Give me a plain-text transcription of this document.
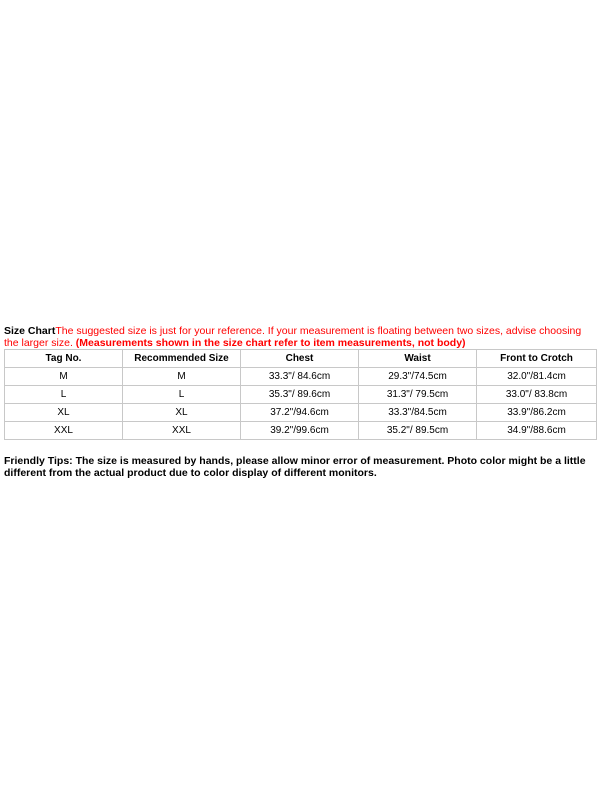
Size ChartThe suggested size is just for your reference. If your measurement is floating between two sizes, advise choosing the larger size. (Measurements shown in the size chart refer to item measurements, not body)
Tag No.	Recommended Size	Chest	Waist	Front to Crotch
M	M	33.3"/ 84.6cm	29.3"/74.5cm	32.0"/81.4cm
L	L	35.3"/ 89.6cm	31.3"/ 79.5cm	33.0"/ 83.8cm
XL	XL	37.2"/94.6cm	33.3"/84.5cm	33.9"/86.2cm
XXL	XXL	39.2"/99.6cm	35.2"/ 89.5cm	34.9"/88.6cm
Friendly Tips: The size is measured by hands, please allow minor error of measurement. Photo color might be a little different from the actual product due to color display of different monitors.
